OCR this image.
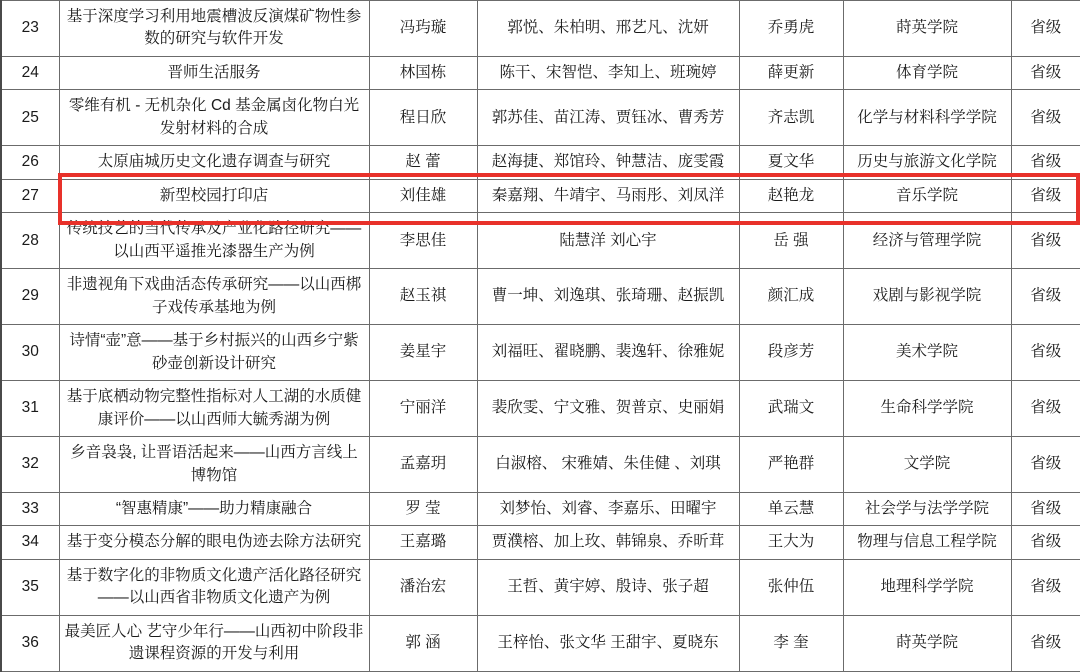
23	基于深度学习利用地震槽波反演煤矿物性参数的研究与软件开发	冯玙璇	郭悦、朱柏明、邢艺凡、沈妍	乔勇虎	莳英学院	省级
24	晋师生活服务	林国栋	陈干、宋智恺、李知上、班琬婷	薛更新	体育学院	省级
25	零维有机 - 无机杂化 Cd 基金属卤化物白光发射材料的合成	程日欣	郭苏佳、苗江涛、贾钰冰、曹秀芳	齐志凯	化学与材料科学学院	省级
26	太原庙城历史文化遗存调查与研究	赵 蕾	赵海捷、郑馆玲、钟慧洁、庞雯霞	夏文华	历史与旅游文化学院	省级
27	新型校园打印店	刘佳雄	秦嘉翔、牛靖宇、马雨彤、刘凤洋	赵艳龙	音乐学院	省级
28	传统技艺的当代传承及产业化路径研究——以山西平遥推光漆器生产为例	李思佳	陆慧洋 刘心宇	岳 强	经济与管理学院	省级
29	非遗视角下戏曲活态传承研究——以山西梆子戏传承基地为例	赵玉祺	曹一坤、刘逸琪、张琦珊、赵振凯	颜汇成	戏剧与影视学院	省级
30	诗情“壶”意——基于乡村振兴的山西乡宁紫砂壶创新设计研究	姜星宇	刘福旺、翟晓鹏、裴逸轩、徐雅妮	段彦芳	美术学院	省级
31	基于底栖动物完整性指标对人工湖的水质健康评价——以山西师大毓秀湖为例	宁丽洋	裴欣雯、宁文雅、贺普京、史丽娟	武瑞文	生命科学学院	省级
32	乡音袅袅, 让晋语活起来——山西方言线上博物馆	孟嘉玥	白淑榕、 宋雅婧、朱佳健 、刘琪	严艳群	文学院	省级
33	“智惠精康”——助力精康融合	罗 莹	刘梦怡、刘睿、李嘉乐、田曜宇	单云慧	社会学与法学学院	省级
34	基于变分模态分解的眼电伪迹去除方法研究	王嘉璐	贾濮榕、加上玫、韩锦泉、乔昕茸	王大为	物理与信息工程学院	省级
35	基于数字化的非物质文化遗产活化路径研究——以山西省非物质文化遗产为例	潘治宏	王哲、黄宇婷、殷诗、张子超	张仲伍	地理科学学院	省级
36	最美匠人心 艺守少年行——山西初中阶段非遗课程资源的开发与利用	郭 涵	王梓怡、张文华 王甜宇、夏晓东	李 奎	莳英学院	省级
